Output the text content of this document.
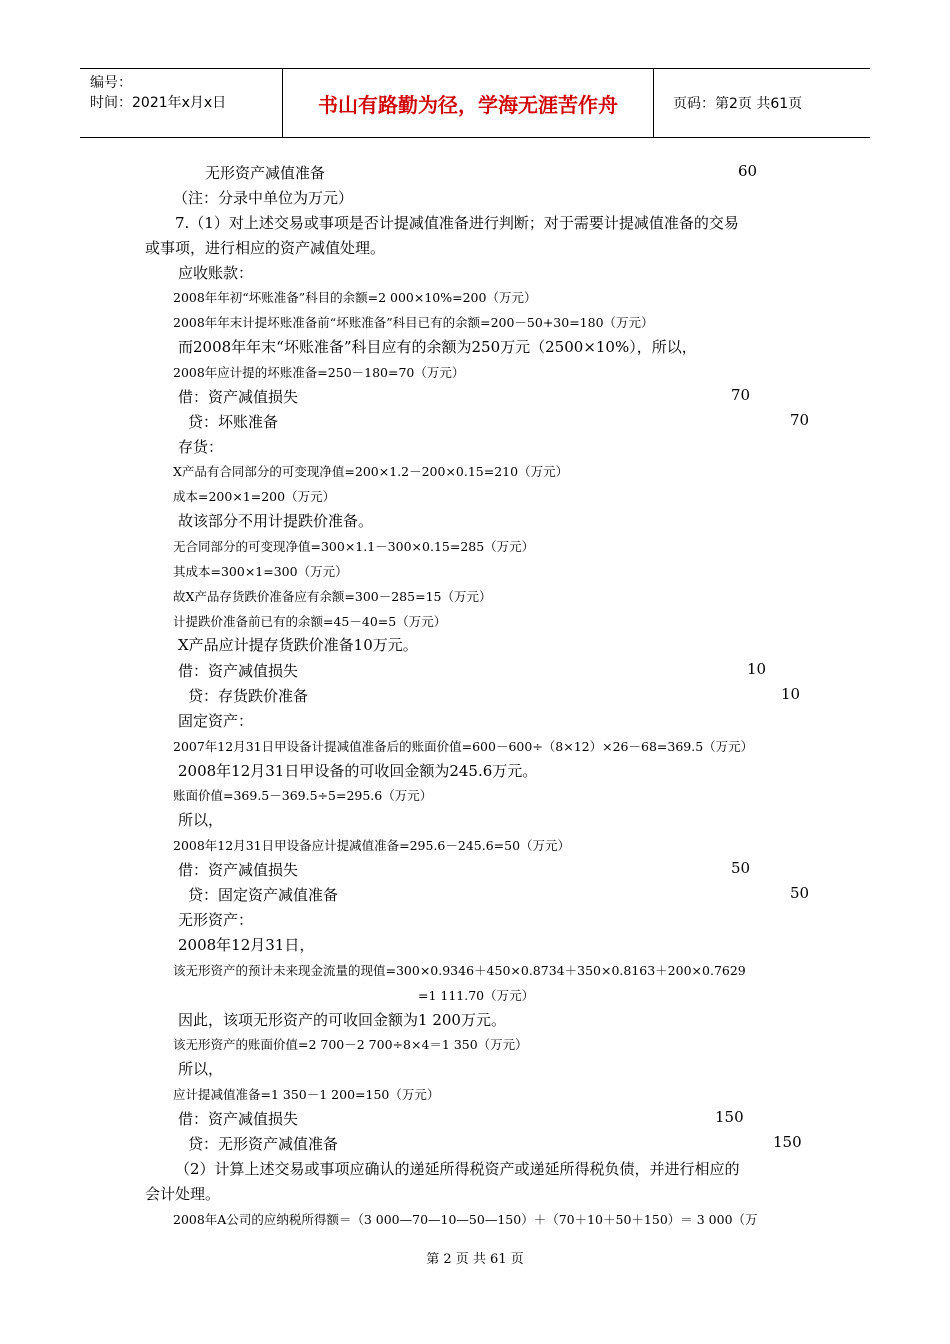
编号：
时间：2021年x月x日	书山有路勤为径，学海无涯苦作舟	页码：第2页 共61页
无形资产减值准备
（注：分录中单位为万元）
7.（1）对上述交易或事项是否计提减值准备进行判断；对于需要计提减值准备的交易
或事项，进行相应的资产减值处理。
应收账款：
2008年年初“坏账准备”科目的余额=2 000×10%=200（万元）
2008年年末计提坏账准备前“坏账准备”科目已有的余额=200－50+30=180（万元）
而2008年年末“坏账准备”科目应有的余额为250万元（2500×10%），所以，
2008年应计提的坏账准备=250－180=70（万元）
借：资产减值损失
贷：坏账准备
存货：
X产品有合同部分的可变现净值=200×1.2－200×0.15=210（万元）
成本=200×1=200（万元）
故该部分不用计提跌价准备。
无合同部分的可变现净值=300×1.1－300×0.15=285（万元）
其成本=300×1=300（万元）
故X产品存货跌价准备应有余额=300－285=15（万元）
计提跌价准备前已有的余额=45－40=5（万元）
X产品应计提存货跌价准备10万元。
借：资产减值损失
贷：存货跌价准备
固定资产：
2007年12月31日甲设备计提减值准备后的账面价值=600－600÷（8×12）×26－68=369.5（万元）
2008年12月31日甲设备的可收回金额为245.6万元。
账面价值=369.5－369.5÷5=295.6（万元）
所以，
2008年12月31日甲设备应计提减值准备=295.6－245.6=50（万元）
借：资产减值损失
贷：固定资产减值准备
无形资产：
2008年12月31日，
该无形资产的预计未来现金流量的现值=300×0.9346＋450×0.8734＋350×0.8163＋200×0.7629
=1 111.70（万元）
因此，该项无形资产的可收回金额为1 200万元。
该无形资产的账面价值=2 700－2 700÷8×4＝1 350（万元）
所以，
应计提减值准备=1 350－1 200=150（万元）
借：资产减值损失
贷：无形资产减值准备
（2）计算上述交易或事项应确认的递延所得税资产或递延所得税负债，并进行相应的
会计处理。
2008年A公司的应纳税所得额＝（3 000—70—10—50—150）＋（70＋10＋50＋150）＝ 3 000（万
60
70
70
10
10
50
50
150
150
第 2 页 共 61 页
